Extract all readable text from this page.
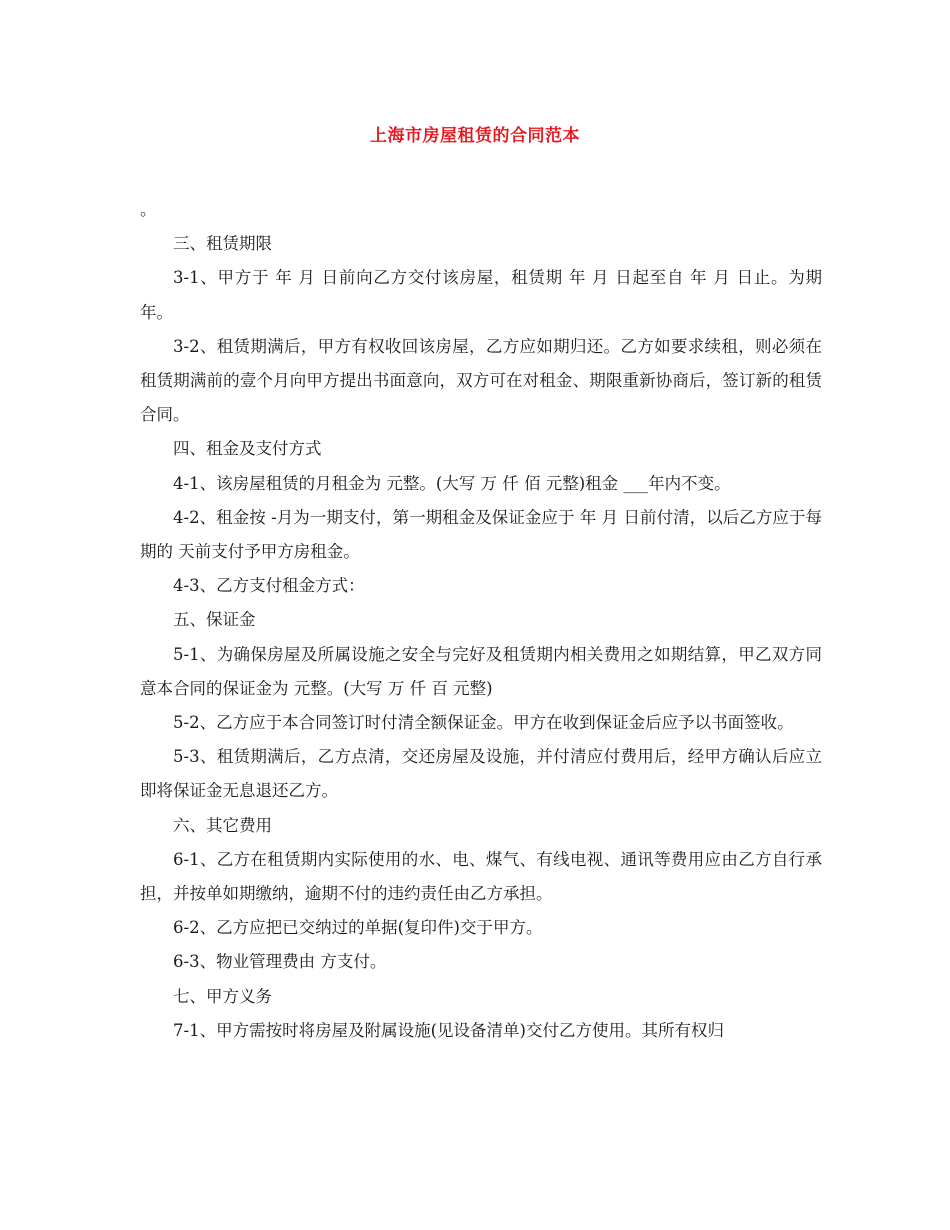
上海市房屋租赁的合同范本

。

三、租赁期限

3-1、甲方于 年 月 日前向乙方交付该房屋，租赁期 年 月 日起至自 年 月 日止。为期 年。

3-2、租赁期满后，甲方有权收回该房屋，乙方应如期归还。乙方如要求续租，则必须在租赁期满前的壹个月向甲方提出书面意向，双方可在对租金、期限重新协商后，签订新的租赁合同。

四、租金及支付方式

4-1、该房屋租赁的月租金为 元整。(大写 万 仟 佰 元整)租金 ___年内不变。

4-2、租金按 -月为一期支付，第一期租金及保证金应于 年 月 日前付清，以后乙方应于每期的 天前支付予甲方房租金。

4-3、乙方支付租金方式：

五、保证金

5-1、为确保房屋及所属设施之安全与完好及租赁期内相关费用之如期结算，甲乙双方同意本合同的保证金为 元整。(大写 万 仟 百 元整)

5-2、乙方应于本合同签订时付清全额保证金。甲方在收到保证金后应予以书面签收。

5-3、租赁期满后，乙方点清，交还房屋及设施，并付清应付费用后，经甲方确认后应立即将保证金无息退还乙方。

六、其它费用

6-1、乙方在租赁期内实际使用的水、电、煤气、有线电视、通讯等费用应由乙方自行承担，并按单如期缴纳，逾期不付的违约责任由乙方承担。

6-2、乙方应把已交纳过的单据(复印件)交于甲方。

6-3、物业管理费由 方支付。

七、甲方义务

7-1、甲方需按时将房屋及附属设施(见设备清单)交付乙方使用。其所有权归
